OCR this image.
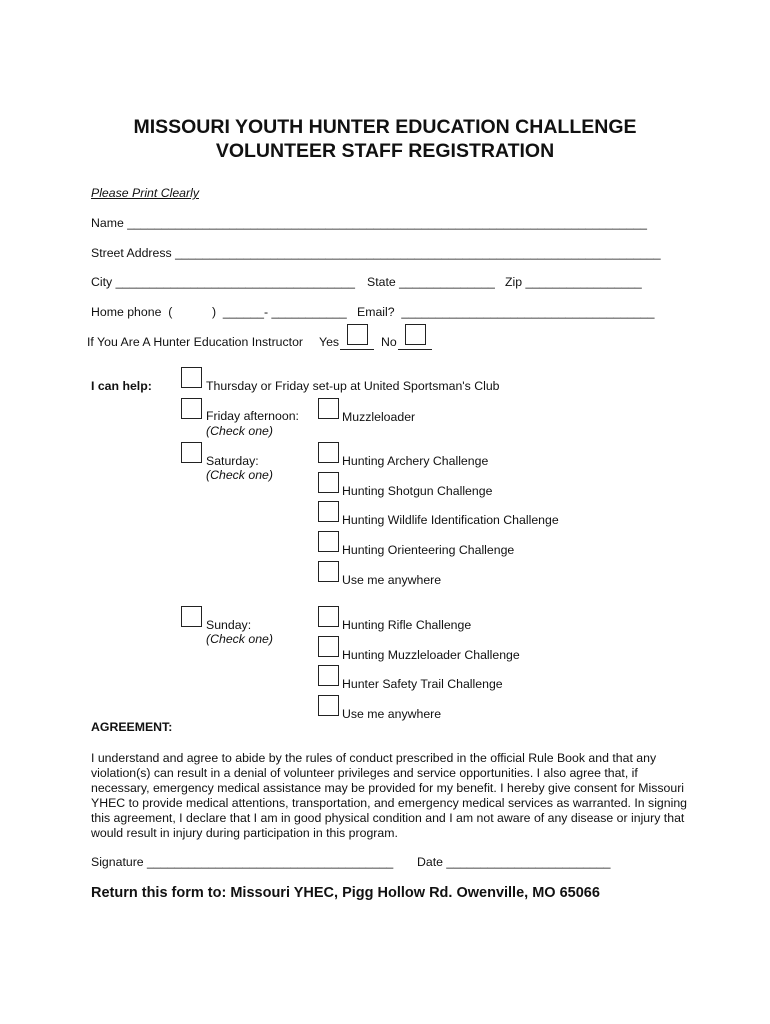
MISSOURI YOUTH HUNTER EDUCATION CHALLENGE
VOLUNTEER STAFF REGISTRATION
Please Print Clearly
Name ____________________________________________________________________________
Street Address _______________________________________________________________________
City ___________________________________ State ______________ Zip _________________
Home phone  (	)  ______- ___________ Email?  _____________________________________
If You Are A Hunter Education Instructor Yes	No
I can help:	Thursday or Friday set-up at United Sportsman's Club
Friday afternoon:
(Check one)
Muzzleloader
Saturday:
(Check one)
Hunting Archery Challenge
Hunting Shotgun Challenge
Hunting Wildlife Identification Challenge
Hunting Orienteering Challenge
Use me anywhere
Sunday:
(Check one)
Hunting Rifle Challenge
Hunting Muzzleloader Challenge
Hunter Safety Trail Challenge
Use me anywhere
AGREEMENT:
I understand and agree to abide by the rules of conduct prescribed in the official Rule Book and that any violation(s) can result in a denial of volunteer privileges and service opportunities. I also agree that, if necessary, emergency medical assistance may be provided for my benefit. I hereby give consent for Missouri YHEC to provide medical attentions, transportation, and emergency medical services as warranted. In signing this agreement, I declare that I am in good physical condition and I am not aware of any disease or injury that would result in injury during participation in this program.
Signature ____________________________________ Date ________________________
Return this form to: Missouri YHEC, Pigg Hollow Rd. Owenville, MO 65066
